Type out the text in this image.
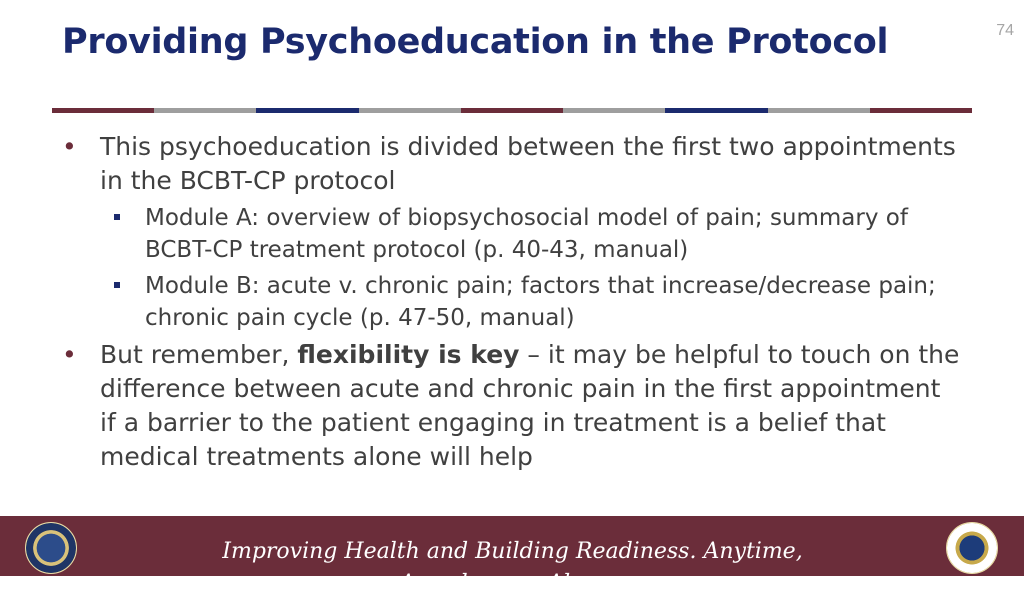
Providing Psychoeducation in the Protocol	74
• This psychoeducation is divided between the first two appointments in the BCBT-CP protocol
Module A: overview of biopsychosocial model of pain; summary of BCBT-CP treatment protocol (p. 40-43, manual)
Module B: acute v. chronic pain; factors that increase/decrease pain; chronic pain cycle (p. 47-50, manual)
• But remember, flexibility is key – it may be helpful to touch on the difference between acute and chronic pain in the first appointment if a barrier to the patient engaging in treatment is a belief that medical treatments alone will help
Improving Health and Building Readiness. Anytime, Anywhere — Always
